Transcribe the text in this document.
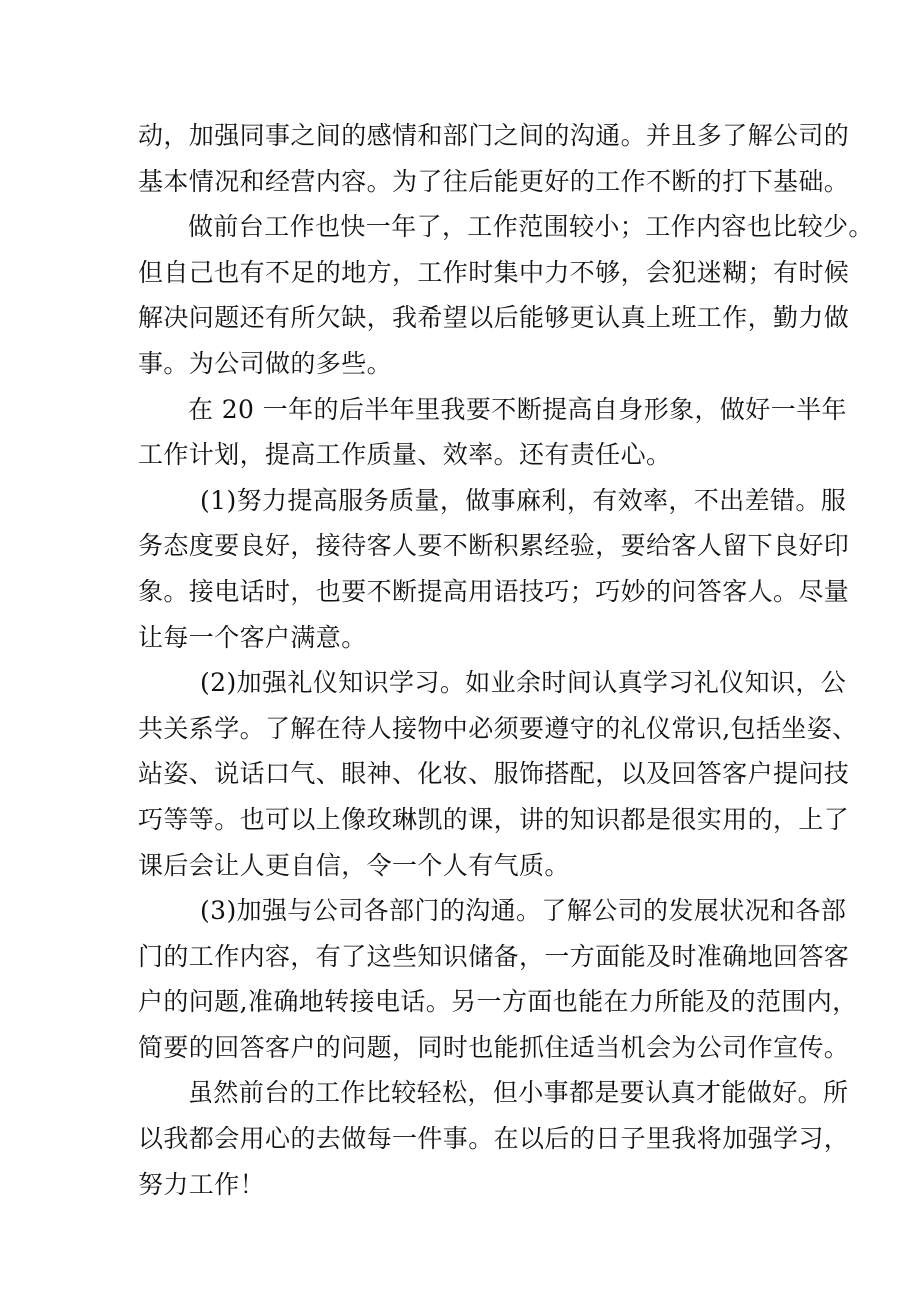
动，加强同事之间的感情和部门之间的沟通。并且多了解公司的
基本情况和经营内容。为了往后能更好的工作不断的打下基础。
做前台工作也快一年了，工作范围较小；工作内容也比较少。
但自己也有不足的地方，工作时集中力不够，会犯迷糊；有时候
解决问题还有所欠缺，我希望以后能够更认真上班工作，勤力做
事。为公司做的多些。
在 20 一年的后半年里我要不断提高自身形象，做好一半年
工作计划，提高工作质量、效率。还有责任心。
(1)努力提高服务质量，做事麻利，有效率，不出差错。服
务态度要良好，接待客人要不断积累经验，要给客人留下良好印
象。接电话时，也要不断提高用语技巧；巧妙的问答客人。尽量
让每一个客户满意。
(2)加强礼仪知识学习。如业余时间认真学习礼仪知识，公
共关系学。了解在待人接物中必须要遵守的礼仪常识,包括坐姿、
站姿、说话口气、眼神、化妆、服饰搭配，以及回答客户提问技
巧等等。也可以上像玫琳凯的课，讲的知识都是很实用的，上了
课后会让人更自信，令一个人有气质。
(3)加强与公司各部门的沟通。了解公司的发展状况和各部
门的工作内容，有了这些知识储备，一方面能及时准确地回答客
户的问题,准确地转接电话。另一方面也能在力所能及的范围内，
简要的回答客户的问题，同时也能抓住适当机会为公司作宣传。
虽然前台的工作比较轻松，但小事都是要认真才能做好。所
以我都会用心的去做每一件事。在以后的日子里我将加强学习，
努力工作！
